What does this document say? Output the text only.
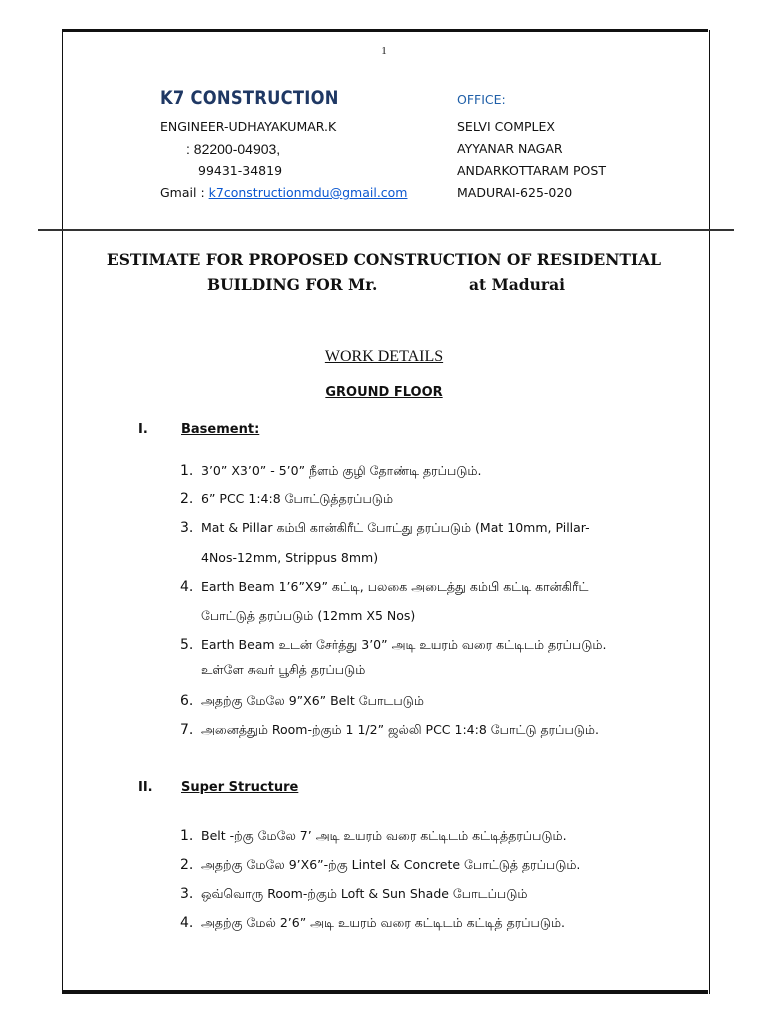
1
K7 CONSTRUCTION
ENGINEER-UDHAYAKUMAR.K
: 82200-04903,
99431-34819
Gmail : k7constructionmdu@gmail.com
OFFICE:
SELVI COMPLEX
AYYANAR NAGAR
ANDARKOTTARAM POST
MADURAI-625-020
ESTIMATE FOR PROPOSED CONSTRUCTION OF RESIDENTIAL
BUILDING FOR Mr.	at Madurai
WORK DETAILS
GROUND FLOOR
I.	Basement:
1. 3’0” X3’0” - 5’0” நீளம் குழி தோண்டி தரப்படும்.
2. 6” PCC 1:4:8 போட்டுத்தரப்படும்
3. Mat & Pillar கம்பி கான்கிரீட் போட்து தரப்படும் (Mat 10mm, Pillar-
4Nos-12mm, Strippus 8mm)
4. Earth Beam 1’6”X9” கட்டி, பலகை அடைத்து கம்பி கட்டி கான்கிரீட்
போட்டுத் தரப்படும் (12mm X5 Nos)
5. Earth Beam உடன் சேர்த்து 3’0” அடி உயரம் வரை கட்டிடம் தரப்படும்.
உள்ளே சுவர் பூசித் தரப்படும்
6. அதற்கு மேலே 9”X6” Belt போடபடும்
7. அனைத்தும் Room-ற்கும் 1 1/2” ஜல்லி PCC 1:4:8 போட்டு தரப்படும்.
II. Super Structure
1. Belt -ற்கு மேலே 7’ அடி உயரம் வரை கட்டிடம் கட்டித்தரப்படும்.
2. அதற்கு மேலே 9’X6”-ற்கு Lintel & Concrete போட்டுத் தரப்படும்.
3. ஒவ்வொரு Room-ற்கும் Loft & Sun Shade போடப்படும்
4. அதற்கு மேல் 2’6” அடி உயரம் வரை கட்டிடம் கட்டித் தரப்படும்.
